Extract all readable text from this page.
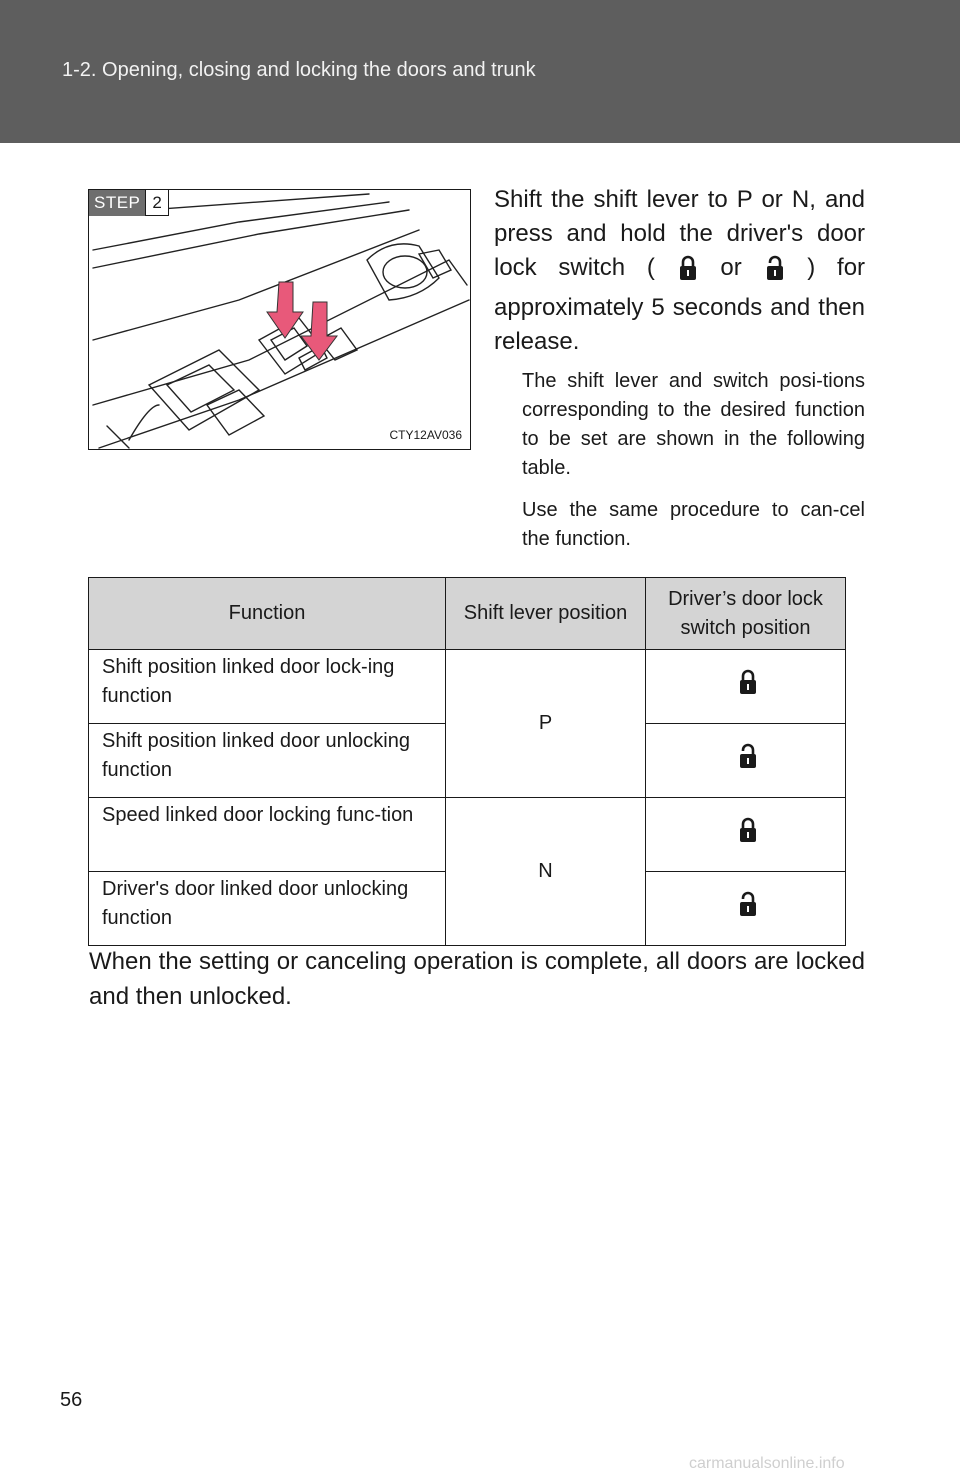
1-2. Opening, closing and locking the doors and trunk
STEP 2
CTY12AV036
Shift the shift lever to P or N, and press and hold the driver's door lock switch (	or	) for approximately 5 seconds and then release.
The shift lever and switch posi-tions corresponding to the desired function to be set are shown in the following table.
Use the same procedure to can-cel the function.
Function	Shift lever position	Driver’s door lock switch position
Shift position linked door lock-ing function	P	
Shift position linked door unlocking function	
Speed linked door locking func-tion	N	
Driver's door linked door unlocking function	
When the setting or canceling operation is complete, all doors are locked and then unlocked.
56
carmanualsonline.info
